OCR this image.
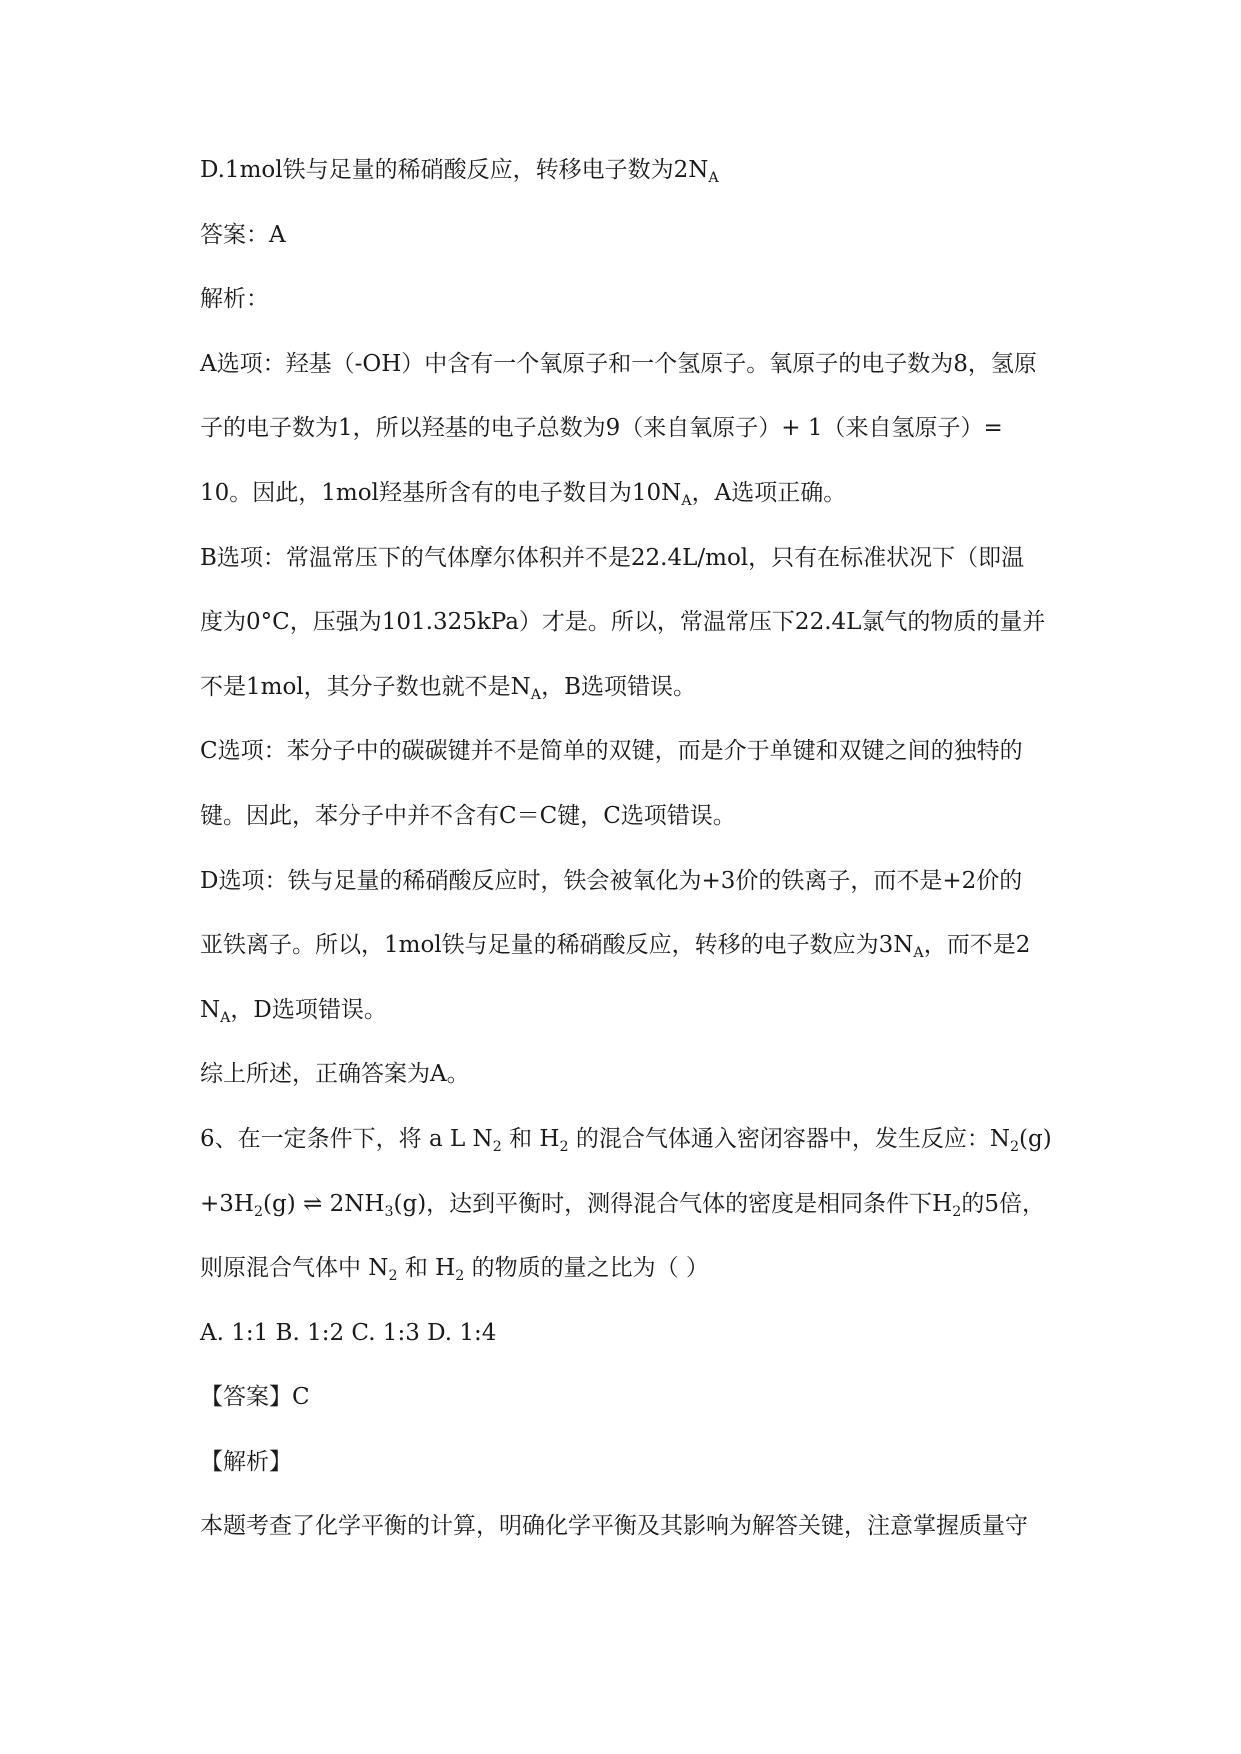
D.1mol铁与足量的稀硝酸反应，转移电子数为$2N_A$
答案：A
解析：
A选项：羟基（-OH）中含有一个氧原子和一个氢原子。氧原子的电子数为8，氢原
子的电子数为1，所以羟基的电子总数为9（来自氧原子）+ 1（来自氢原子）=
10。因此，1mol羟基所含有的电子数目为$10N_A$，A选项正确。
B选项：常温常压下的气体摩尔体积并不是22.4L/mol，只有在标准状况下（即温
度为0°C，压强为101.325kPa）才是。所以，常温常压下22.4L氯气的物质的量并
不是1mol，其分子数也就不是$N_A$，B选项错误。
C选项：苯分子中的碳碳键并不是简单的双键，而是介于单键和双键之间的独特的
键。因此，苯分子中并不含有C＝C键，C选项错误。
D选项：铁与足量的稀硝酸反应时，铁会被氧化为+3价的铁离子，而不是+2价的
亚铁离子。所以，1mol铁与足量的稀硝酸反应，转移的电子数应为$3N_A$，而不是2
$N_A$，D选项错误。
综上所述，正确答案为A。
6、在一定条件下，将 a L $N_2$ 和 $H_2$ 的混合气体通入密闭容器中，发生反应：$N_2(g)$
$+3H_2(g)$ ⇌ $2NH_3(g)$，达到平衡时，测得混合气体的密度是相同条件下$H_2$的5倍，
则原混合气体中 $N_2$ 和 $H_2$ 的物质的量之比为（ ）
A. 1:1 B. 1:2 C. 1:3 D. 1:4
【答案】C
【解析】
本题考查了化学平衡的计算，明确化学平衡及其影响为解答关键，注意掌握质量守
